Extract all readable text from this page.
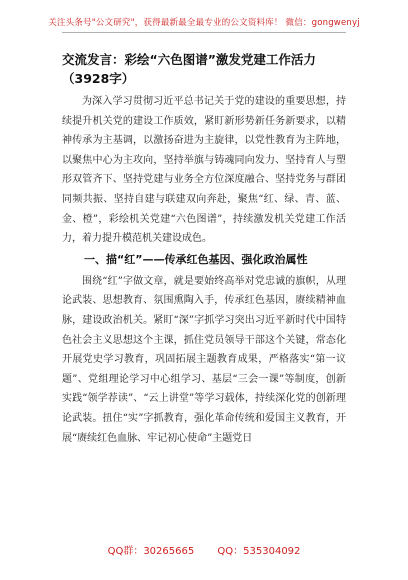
关注头条号"公文研究"，获得最新最全最专业的公文资料库！ 微信：gongwenyj
交流发言：彩绘“六色图谱”激发党建工作活力（3928字）

为深入学习贯彻习近平总书记关于党的建设的重要思想，持续提升机关党的建设工作质效，紧盯新形势新任务新要求，以精神传承为主基调，以激扬奋进为主旋律，以党性教育为主阵地，以聚焦中心为主攻向，坚持举旗与铸魂同向发力、坚持育人与塑形双管齐下、坚持党建与业务全方位深度融合、坚持党务与群团同频共振、坚持自建与联建双向奔赴，聚焦“红、绿、青、蓝、金、橙”，彩绘机关党建“六色图谱”，持续激发机关党建工作活力，着力提升模范机关建设成色。

一、描“红”——传承红色基因、强化政治属性

围绕“红”字做文章，就是要始终高举对党忠诚的旗帜，从理论武装、思想教育、氛围熏陶入手，传承红色基因，赓续精神血脉，建设政治机关。紧盯“深”字抓学习突出习近平新时代中国特色社会主义思想这个主课，抓住党员领导干部这个关键，常态化开展党史学习教育，巩固拓展主题教育成果，严格落实“第一议题”、党组理论学习中心组学习、基层“三会一课”等制度，创新实践“领学荐读”、“云上讲堂”等学习载体，持续深化党的创新理论武装。扭住“实”字抓教育，强化革命传统和爱国主义教育，开展“赓续红色血脉、牢记初心使命”主题党日

QQ群：30265665 QQ：535304092
